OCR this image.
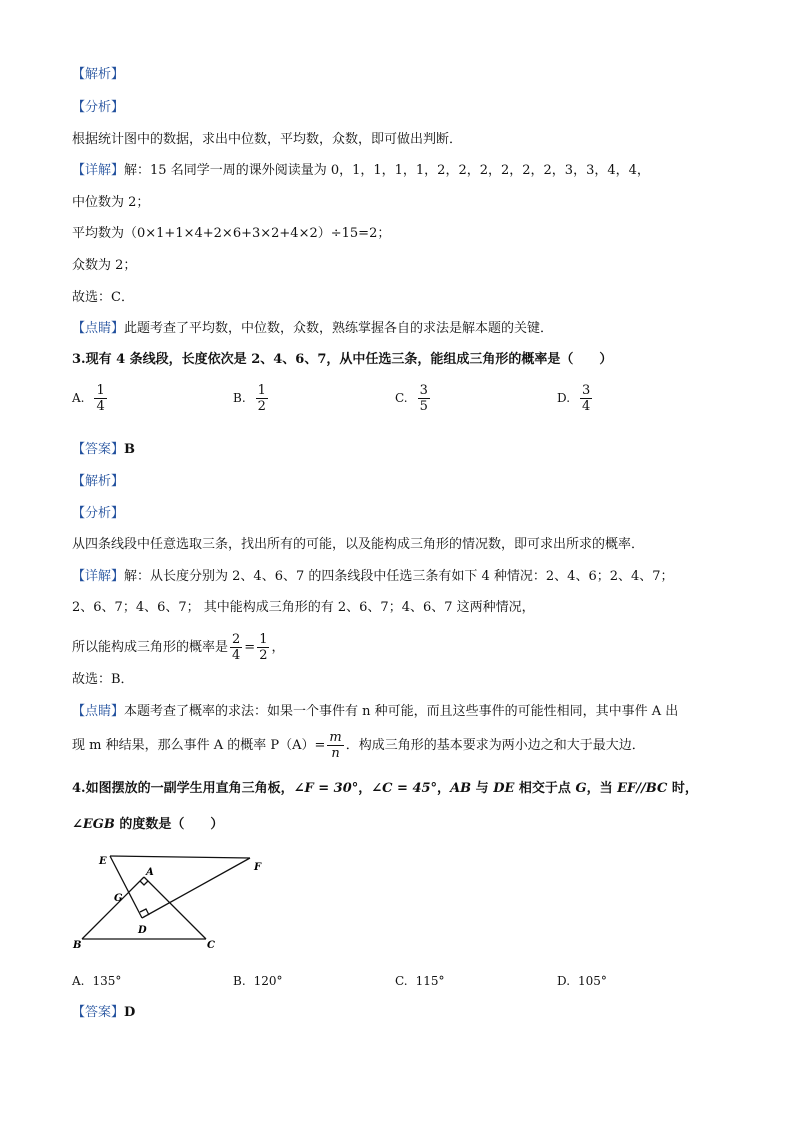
【解析】
【分析】
根据统计图中的数据，求出中位数，平均数，众数，即可做出判断．
【详解】解：15 名同学一周的课外阅读量为 0，1，1，1，1，2，2，2，2，2，2，3，3，4，4，
中位数为 2；
平均数为（0×1+1×4+2×6+3×2+4×2）÷15=2；
众数为 2；
故选：C．
【点睛】此题考查了平均数，中位数，众数，熟练掌握各自的求法是解本题的关键．
3.现有 4 条线段，长度依次是 2、4、6、7，从中任选三条，能组成三角形的概率是（　　）
A. $\frac{1}{4}$	B. $\frac{1}{2}$	C. $\frac{3}{5}$	D. $\frac{3}{4}$
【答案】B
【解析】
【分析】
从四条线段中任意选取三条，找出所有的可能，以及能构成三角形的情况数，即可求出所求的概率．
【详解】解：从长度分别为 2、4、6、7 的四条线段中任选三条有如下 4 种情况：2、4、6；2、4、7；
2、6、7；4、6、7； 其中能构成三角形的有 2、6、7；4、6、7 这两种情况，
所以能构成三角形的概率是 $\frac{2}{4} = \frac{1}{2}$ ，
故选：B．
【点睛】本题考查了概率的求法：如果一个事件有 n 种可能，而且这些事件的可能性相同，其中事件 A 出
现 m 种结果，那么事件 A 的概率 $P(A)= \frac{m}{n}$ ．构成三角形的基本要求为两小边之和大于最大边．
4.如图摆放的一副学生用直角三角板，∠F = 30°，∠C = 45°，AB 与 DE 相交于点 G，当 EF//BC 时，
∠EGB 的度数是（　　）
E
F
A
G
D
B	C
A. 135°	B. 120°	C. 115°	D. 105°
【答案】D
